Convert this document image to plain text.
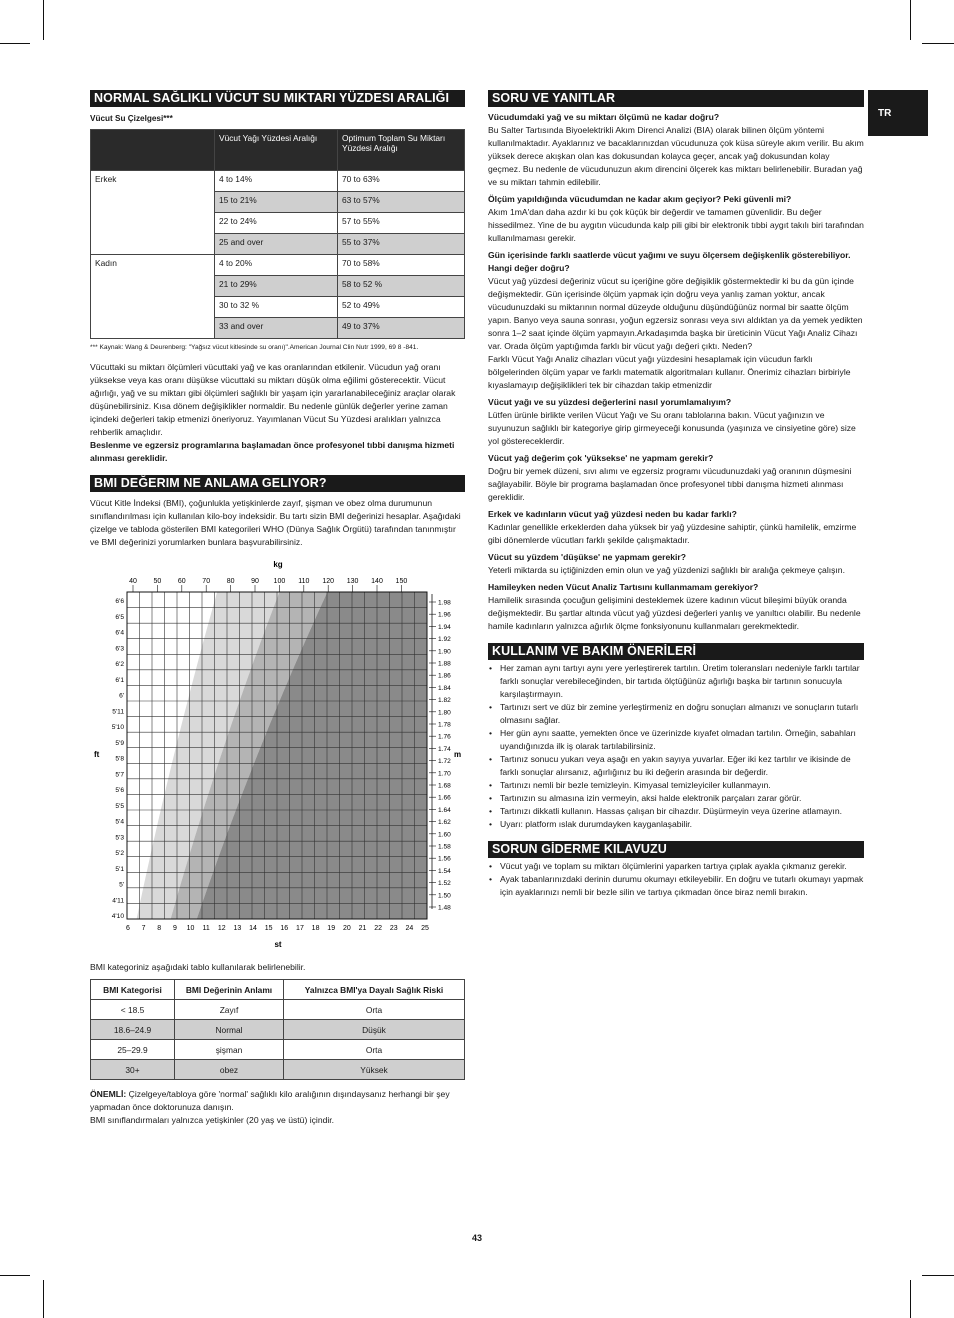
TR
NORMAL SAĞLIKLI VÜCUT SU MIKTARI YÜZDESI ARALIĞI

Vücut Su Çizelgesi***

	Vücut Yağı Yüzdesi Aralığı	Optimum Toplam Su Miktarı Yüzdesi Aralığı
Erkek	4 to 14%	70 to 63%
	15 to 21%	63 to 57%
	22 to 24%	57 to 55%
	25 and over	55 to 37%
Kadın	4 to 20%	70 to 58%
	21 to 29%	58 to 52 %
	30 to 32 %	52 to 49%
	33 and over	49 to 37%

*** Kaynak: Wang & Deurenberg: "Yağsız vücut kitlesinde su oranı)".American Journal Clin Nutr 1999, 69 8 -841.

Vücuttaki su miktarı ölçümleri vücuttaki yağ ve kas oranlarından etkilenir. Vücudun yağ oranı yüksekse veya kas oranı düşükse vücuttaki su miktarı düşük olma eğilimi gösterecektir. Vücut ağırlığı, yağ ve su miktarı gibi ölçümleri sağlıklı bir yaşam için yararlanabileceğiniz araçlar olarak düşünebilirsiniz. Kısa dönem değişiklikler normaldir. Bu nedenle günlük değerler yerine zaman içindeki değerleri takip etmenizi öneriyoruz. Yayımlanan Vücut Su Yüzdesi aralıkları yalnızca rehberlik amaçlıdır.

Beslenme ve egzersiz programlarına başlamadan önce profesyonel tıbbi danışma hizmeti alınması gereklidir.

BMI DEĞERIM NE ANLAMA GELIYOR?

Vücut Kitle İndeksi (BMI), çoğunlukla yetişkinlerde zayıf, şişman ve obez olma durumunun sınıflandırılması için kullanılan kilo-boy indeksidir. Bu tartı sizin BMI değerinizi hesaplar. Aşağıdaki çizelge ve tabloda gösterilen BMI kategorileri WHO (Dünya Sağlık Örgütü) tarafından tanınmıştır ve BMI değerinizi yorumlarken bunlara başvurabilirsiniz.

kg
40 50 60 70 80 90 100 110 120 130 140 150
6 7 8 9 10 11 12 13 14 15 16 17 18 19 20 21 22 23 24 25
st
6'6
6'5
6'4
6'3
6'2
6'1
6'
5'11
5'10
5'9
5'8
5'7
5'6
5'5
5'4
5'3
5'2
5'1
5'
4'11
4'10
ft
1.98
1.96
1.94
1.92
1.90
1.88
1.86
1.84
1.82
1.80
1.78
1.76
1.74
1.72
1.70
1.68
1.66
1.64
1.62
1.60
1.58
1.56
1.54
1.52
1.50
1.48
m

BMI kategoriniz aşağıdaki tablo kullanılarak belirlenebilir.

BMI Kategorisi	BMI Değerinin Anlamı	Yalnızca BMI'ya Dayalı Sağlık Riski
< 18.5	Zayıf	Orta
18.6–24.9	Normal	Düşük
25–29.9	şişman	Orta
30+	obez	Yüksek

ÖNEMLİ: Çizelgeye/tabloya göre 'normal' sağlıklı kilo aralığının dışındaysanız herhangi bir şey yapmadan önce doktorunuza danışın.

BMI sınıflandırmaları yalnızca yetişkinler (20 yaş ve üstü) içindir.

SORU VE YANITLAR

Vücudumdaki yağ ve su miktarı ölçümü ne kadar doğru?

Bu Salter Tartısında Biyoelektrikli Akım Direnci Analizi (BIA) olarak bilinen ölçüm yöntemi kullanılmaktadır. Ayaklarınız ve bacaklarınızdan vücudunuza çok küsa süreyle akım verilir. Bu akım yüksek derece akışkan olan kas dokusundan kolayca geçer, ancak yağ dokusundan kolay geçmez. Bu nedenle de vücudunuzun akım direncini ölçerek kas miktarı belirlenebilir. Buradan yağ ve su miktarı tahmin edilebilir.

Ölçüm yapıldığında vücudumdan ne kadar akım geçiyor? Peki güvenli mi?

Akım 1mA'dan daha azdır ki bu çok küçük bir değerdir ve tamamen güvenlidir. Bu değer hissedilmez. Yine de bu aygıtın vücudunda kalp pili gibi bir elektronik tıbbi aygıt takılı biri tarafından kullanılmaması gerekir.

Gün içerisinde farklı saatlerde vücut yağımı ve suyu ölçersem değişkenlik gösterebiliyor. Hangi değer doğru?

Vücut yağ yüzdesi değeriniz vücut su içeriğine göre değişiklik göstermektedir ki bu da gün içinde değişmektedir. Gün içerisinde ölçüm yapmak için doğru veya yanlış zaman yoktur, ancak vücudunuzdaki su miktarının normal düzeyde olduğunu düşündüğünüz normal bir saatte ölçüm yapın. Banyo veya sauna sonrası, yoğun egzersiz sonrası veya sıvı aldıktan ya da yemek yedikten sonra 1–2 saat içinde ölçüm yapmayın.Arkadaşımda başka bir üreticinin Vücut Yağı Analiz Cihazı var. Orada ölçüm yaptığımda farklı bir vücut yağı değeri çıktı. Neden?

Farklı Vücut Yağı Analiz cihazları vücut yağı yüzdesini hesaplamak için vücudun farklı bölgelerinden ölçüm yapar ve farklı matematik algoritmaları kullanır. Önerimiz cihazları birbiriyle kıyaslamayıp değişiklikleri tek bir cihazdan takip etmenizdir

Vücut yağı ve su yüzdesi değerlerini nasıl yorumlamalıyım?

Lütfen ürünle birlikte verilen Vücut Yağı ve Su oranı tablolarına bakın. Vücut yağınızın ve suyunuzun sağlıklı bir kategoriye girip girmeyeceği konusunda (yaşınıza ve cinsiyetine göre) size yol göstereceklerdir.

Vücut yağ değerim çok 'yüksekse' ne yapmam gerekir?

Doğru bir yemek düzeni, sıvı alımı ve egzersiz programı vücudunuzdaki yağ oranının düşmesini sağlayabilir. Böyle bir programa başlamadan önce profesyonel tıbbi danışma hizmeti alınması gereklidir.

Erkek ve kadınların vücut yağ yüzdesi neden bu kadar farklı?

Kadınlar genellikle erkeklerden daha yüksek bir yağ yüzdesine sahiptir, çünkü hamilelik, emzirme gibi dönemlerde vücutları farklı şekilde çalışmaktadır.

Vücut su yüzdem 'düşükse' ne yapmam gerekir?

Yeterli miktarda su içtiğinizden emin olun ve yağ yüzdenizi sağlıklı bir aralığa çekmeye çalışın.

Hamileyken neden Vücut Analiz Tartısını kullanmamam gerekiyor?

Hamilelik sırasında çocuğun gelişimini desteklemek üzere kadının vücut bileşimi büyük oranda değişmektedir. Bu şartlar altında vücut yağ yüzdesi değerleri yanlış ve yanıltıcı olabilir. Bu nedenle hamile kadınların yalnızca ağırlık ölçme fonksiyonunu kullanmaları gerekmektedir.

KULLANIM VE BAKIM ÖNERİLERİ
• Her zaman aynı tartıyı aynı yere yerleştirerek tartılın. Üretim toleransları nedeniyle farklı tartılar farklı sonuçlar verebileceğinden, bir tartıda ölçtüğünüz ağırlığı başka bir tartının sonucuyla karşılaştırmayın.
• Tartınızı sert ve düz bir zemine yerleştirmeniz en doğru sonuçları almanızı ve sonuçların tutarlı olmasını sağlar.
• Her gün aynı saatte, yemekten önce ve üzerinizde kıyafet olmadan tartılın. Örneğin, sabahları uyandığınızda ilk iş olarak tartılabilirsiniz.
• Tartınız sonucu yukarı veya aşağı en yakın sayıya yuvarlar. Eğer iki kez tartılır ve ikisinde de farklı sonuçlar alırsanız, ağırlığınız bu iki değerin arasında bir değerdir.
• Tartınızı nemli bir bezle temizleyin. Kimyasal temizleyiciler kullanmayın.
• Tartınızın su almasına izin vermeyin, aksi halde elektronik parçaları zarar görür.
• Tartınızı dikkatli kullanın. Hassas çalışan bir cihazdır. Düşürmeyin veya üzerine atlamayın.
• Uyarı: platform ıslak durumdayken kayganlaşabilir.
SORUN GİDERME KILAVUZU
• Vücut yağı ve toplam su miktarı ölçümlerini yaparken tartıya çıplak ayakla çıkmanız gerekir.
• Ayak tabanlarınızdaki derinin durumu okumayı etkileyebilir. En doğru ve tutarlı okumayı yapmak için ayaklarınızı nemli bir bezle silin ve tartıya çıkmadan önce biraz nemli bırakın.
43
